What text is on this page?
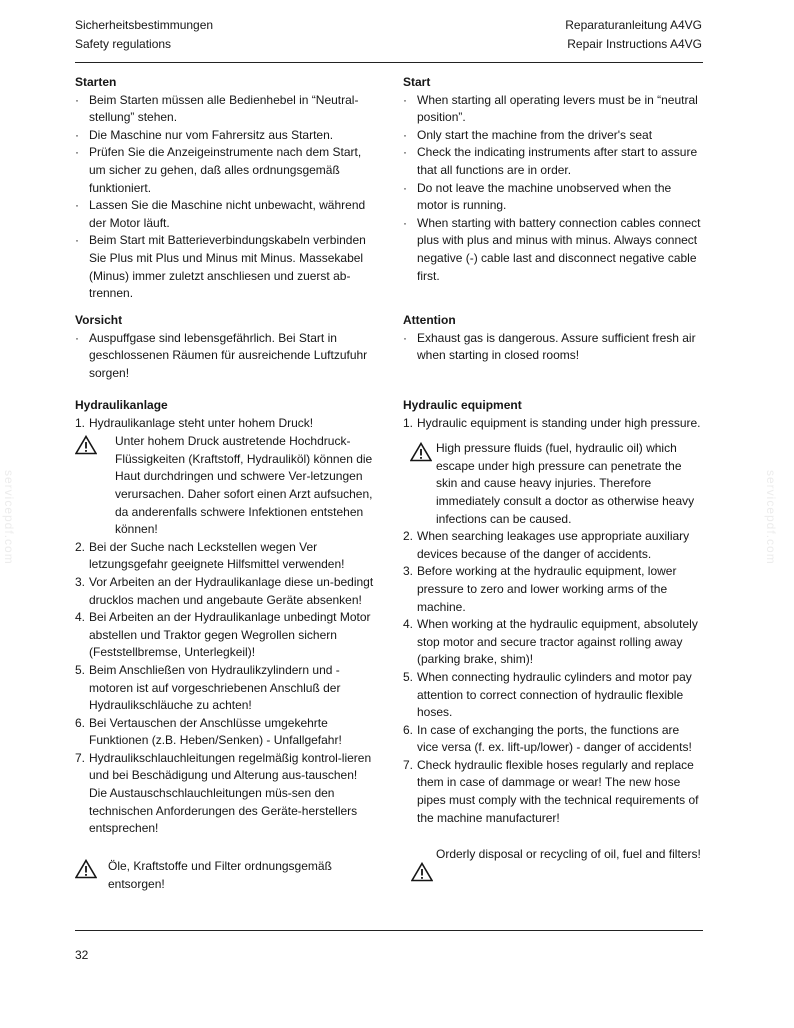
Sicherheitsbestimmungen
Safety regulations
Reparaturanleitung A4VG
Repair Instructions A4VG
Starten
· Beim Starten müssen alle Bedienhebel in “Neutral-stellung” stehen.
· Die Maschine nur vom Fahrersitz aus Starten.
· Prüfen Sie die Anzeigeinstrumente nach dem Start, um sicher zu gehen, daß alles ordnungsgemäß funktioniert.
· Lassen Sie die Maschine nicht unbewacht, während der Motor läuft.
· Beim Start mit Batterieverbindungskabeln verbinden Sie Plus mit Plus und Minus mit Minus. Massekabel (Minus) immer zuletzt anschliesen und zuerst ab-trennen.
Vorsicht
· Auspuffgase sind lebensgefährlich. Bei Start in geschlossenen Räumen für ausreichende Luftzufuhr sorgen!
Hydraulikanlage
1. Hydraulikanlage steht unter hohem Druck!

Unter hohem Druck austretende Hochdruck-Flüssigkeiten (Kraftstoff, Hydrauliköl) können die Haut durchdringen und schwere Ver-letzungen verursachen. Daher sofort einen Arzt aufsuchen, da anderenfalls schwere Infektionen entstehen können!

2. Bei der Suche nach Leckstellen wegen Ver letzungsgefahr geeignete Hilfsmittel verwenden!
3. Vor Arbeiten an der Hydraulikanlage diese un-bedingt drucklos machen und angebaute Geräte absenken!
4. Bei Arbeiten an der Hydraulikanlage unbedingt Motor abstellen und Traktor gegen Wegrollen sichern (Feststellbremse, Unterlegkeil)!
5. Beim Anschließen von Hydraulikzylindern und -motoren ist auf vorgeschriebenen Anschluß der Hydraulikschläuche zu achten!
6. Bei Vertauschen der Anschlüsse umgekehrte Funktionen (z.B. Heben/Senken) - Unfallgefahr!
7. Hydraulikschlauchleitungen regelmäßig kontrol-lieren und bei Beschädigung und Alterung aus-tauschen! Die Austauschschlauchleitungen müs-sen den technischen Anforderungen des Geräte-herstellers entsprechen!

Öle, Kraftstoffe und Filter ordnungsgemäß entsorgen!

Start
· When starting all operating levers must be in “neutral position”.
· Only start the machine from the driver's seat
· Check the indicating instruments after start to assure that all functions are in order.
· Do not leave the machine unobserved when the motor is running.
· When starting with battery connection cables connect plus with plus and minus with minus. Always connect negative (-) cable last and disconnect negative cable first.
Attention
· Exhaust gas is dangerous. Assure sufficient fresh air when starting in closed rooms!
Hydraulic equipment
1. Hydraulic equipment is standing under high pressure.

High pressure fluids (fuel, hydraulic oil) which escape under high pressure can penetrate the skin and cause heavy injuries. Therefore immediately consult a doctor as otherwise heavy infections can be caused.

2. When searching leakages use appropriate auxiliary devices because of the danger of accidents.
3. Before working at the hydraulic equipment, lower pressure to zero and lower working arms of the machine.
4. When working at the hydraulic equipment, absolutely stop motor and secure tractor against rolling away (parking brake, shim)!
5. When connecting hydraulic cylinders and motor pay attention to correct connection of hydraulic flexible hoses.
6. In case of exchanging the ports, the functions are vice versa (f. ex. lift-up/lower) - danger of accidents!
7. Check hydraulic flexible hoses regularly and replace them in case of dammage or wear! The new hose pipes must comply with the technical requirements of the machine manufacturer!

Orderly disposal or recycling of oil, fuel and filters!

servicepdf.com	servicepdf.com
32
